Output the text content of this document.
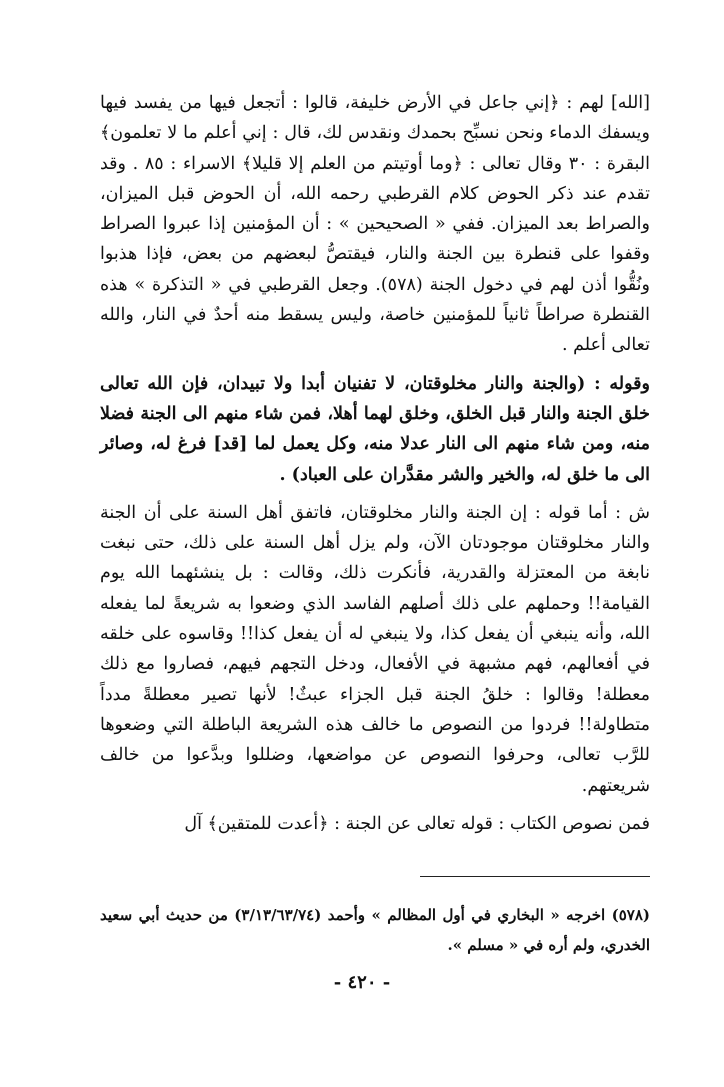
[الله] لهم : ﴿إني جاعل في الأرض خليفة، قالوا : أتجعل فيها من يفسد فيها ويسفك الدماء ونحن نسبِّح بحمدك ونقدس لك، قال : إني أعلم ما لا تعلمون﴾ البقرة : ٣٠ وقال تعالى : ﴿وما أوتيتم من العلم إلا قليلا﴾ الاسراء : ٨٥ . وقد تقدم عند ذكر الحوض كلام القرطبي رحمه الله، أن الحوض قبل الميزان، والصراط بعد الميزان. ففي « الصحيحين » : أن المؤمنين إذا عبروا الصراط وقفوا على قنطرة بين الجنة والنار، فيقتصُّ لبعضهم من بعض، فإذا هذبوا ونُقُّوا أذن لهم في دخول الجنة (٥٧٨). وجعل القرطبي في « التذكرة » هذه القنطرة صراطاً ثانياً للمؤمنين خاصة، وليس يسقط منه أحدٌ في النار، والله تعالى أعلم .

وقوله : (والجنة والنار مخلوقتان، لا تفنيان أبدا ولا تبيدان، فإن الله تعالى خلق الجنة والنار قبل الخلق، وخلق لهما أهلا، فمن شاء منهم الى الجنة فضلا منه، ومن شاء منهم الى النار عدلا منه، وكل يعمل لما [قد] فرغ له، وصائر الى ما خلق له، والخير والشر مقدَّران على العباد) .

ش : أما قوله : إن الجنة والنار مخلوقتان، فاتفق أهل السنة على أن الجنة والنار مخلوقتان موجودتان الآن، ولم يزل أهل السنة على ذلك، حتى نبغت نابغة من المعتزلة والقدرية، فأنكرت ذلك، وقالت : بل ينشئهما الله يوم القيامة!! وحملهم على ذلك أصلهم الفاسد الذي وضعوا به شريعةً لما يفعله الله، وأنه ينبغي أن يفعل كذا، ولا ينبغي له أن يفعل كذا!! وقاسوه على خلقه في أفعالهم، فهم مشبهة في الأفعال، ودخل التجهم فيهم، فصاروا مع ذلك معطلة! وقالوا : خلقُ الجنة قبل الجزاء عبثٌ! لأنها تصير معطلةً مدداً متطاولة!! فردوا من النصوص ما خالف هذه الشريعة الباطلة التي وضعوها للرَّب تعالى، وحرفوا النصوص عن مواضعها، وضللوا وبدَّعوا من خالف شريعتهم.

فمن نصوص الكتاب : قوله تعالى عن الجنة : ﴿أعدت للمتقين﴾ آل

(٥٧٨) اخرجه « البخاري في أول المظالم » وأحمد (٣/١٣/٦٣/٧٤) من حديث أبي سعيد الخدري، ولم أره في « مسلم ».

- ٤٢٠ -
